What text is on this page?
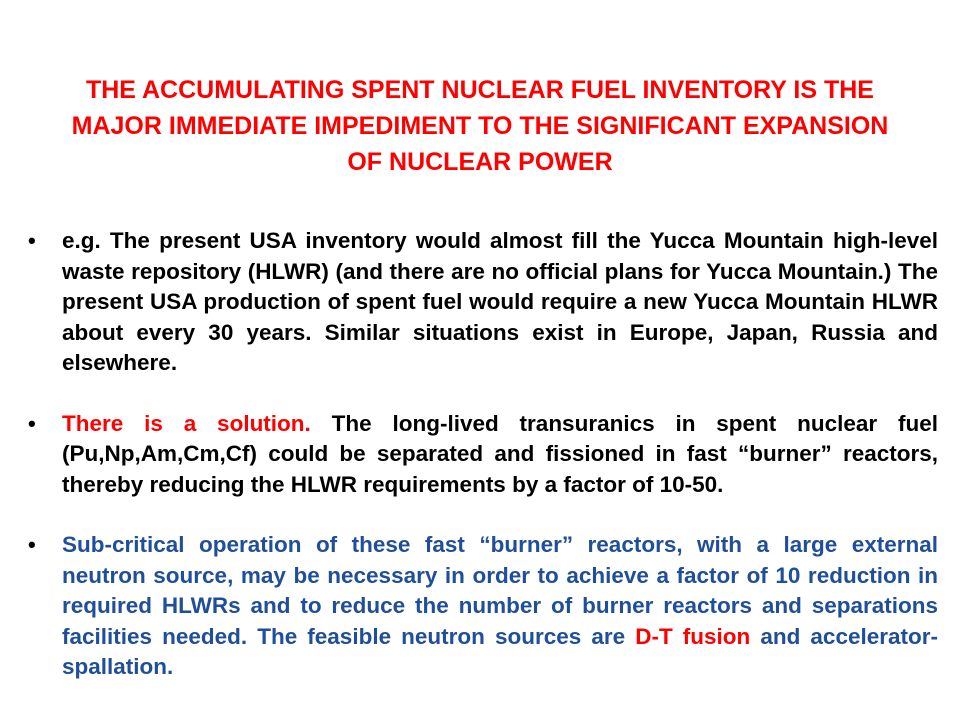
THE ACCUMULATING SPENT NUCLEAR FUEL INVENTORY IS THE MAJOR IMMEDIATE IMPEDIMENT TO THE SIGNIFICANT EXPANSION OF NUCLEAR POWER
•	e.g. The present USA inventory would almost fill the Yucca Mountain high-level waste repository (HLWR) (and there are no official plans for Yucca Mountain.) The present USA production of spent fuel would require a new Yucca Mountain HLWR about every 30 years. Similar situations exist in Europe, Japan, Russia and elsewhere.
•	There is a solution. The long-lived transuranics in spent nuclear fuel (Pu,Np,Am,Cm,Cf) could be separated and fissioned in fast “burner” reactors, thereby reducing the HLWR requirements by a factor of 10-50.
•	Sub-critical operation of these fast “burner” reactors, with a large external neutron source, may be necessary in order to achieve a factor of 10 reduction in required HLWRs and to reduce the number of burner reactors and separations facilities needed. The feasible neutron sources are D-T fusion and accelerator-spallation.
